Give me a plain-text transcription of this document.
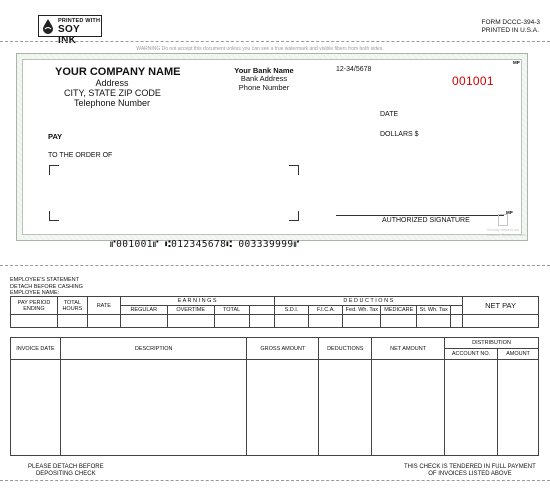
PRINTED WITH
SOY INK
FORM DCCC-394-3
PRINTED IN U.S.A.
WARNING Do not accept this document unless you can see a true watermark and visible fibers from both sides.
YOUR COMPANY NAME
Address
CITY, STATE ZIP CODE
Telephone Number
Your Bank Name
Bank Address
Phone Number
12-34/5678
MP
001001
DATE
PAY	DOLLARS $
TO THE ORDER OF
MP
AUTHORIZED SIGNATURE
Security features are included. Details on back.
⑈001001⑈ ⑆012345678⑆ 003339999⑈
EMPLOYEE'S STATEMENT
DETACH BEFORE CASHING
EMPLOYEE NAME:
PAY PERIOD ENDING	TOTAL HOURS	RATE	E A R N I N G S				D E D U C T I O N S						NET PAY
			REGULAR	OVERTIME	TOTAL		S.D.I.	F.I.C.A.	Fed. Wh. Tax	MEDICARE	St. Wh. Tax		

INVOICE DATE	DESCRIPTION	GROSS AMOUNT	DEDUCTIONS	NET AMOUNT	DISTRIBUTION	
					ACCOUNT NO.	AMOUNT

PLEASE DETACH BEFORE
DEPOSITING CHECK
THIS CHECK IS TENDERED IN FULL PAYMENT
OF INVOICES LISTED ABOVE
